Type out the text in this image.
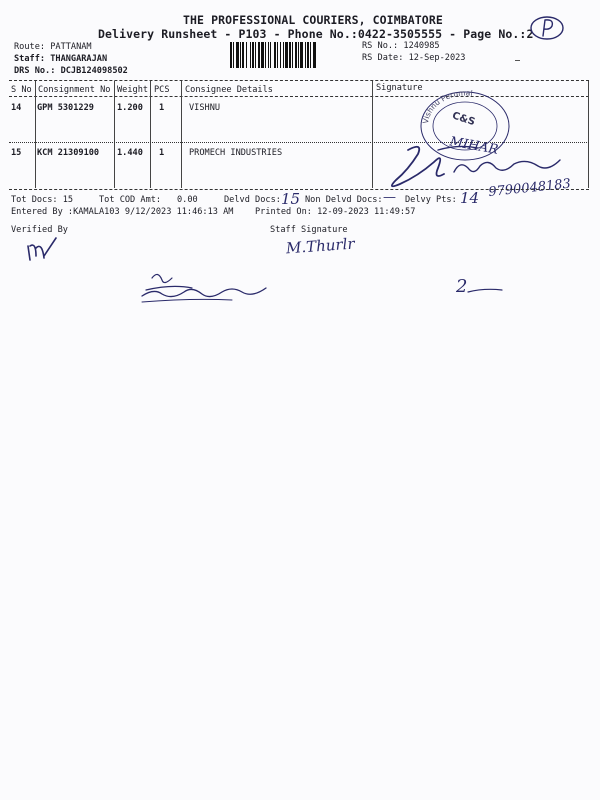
THE PROFESSIONAL COURIERS, COIMBATORE
Delivery Runsheet - P103 - Phone No.:0422-3505555 - Page No.:2
Route: PATTANAM
Staff: THANGARAJAN
DRS No.: DCJB124098502
RS No.: 1240985
RS Date: 12-Sep-2023
S No Consignment No Weight PCS Consignee Details	Signature
14 GPM 5301229	1.200 1	VISHNU
15 KCM 21309100 1.440 1	PROMECH INDUSTRIES
Vishnu Perumal
C&S
MIHAR
9790048183
Tot Docs: 15	Tot COD Amt: 0.00	Delvd Docs: 15 Non Delvd Docs: — Delvy Pts: 14
Entered By :KAMALA103 9/12/2023 11:46:13 AM	Printed On: 12-09-2023 11:49:57
Verified By	Staff Signature
M.Thurlr
2
